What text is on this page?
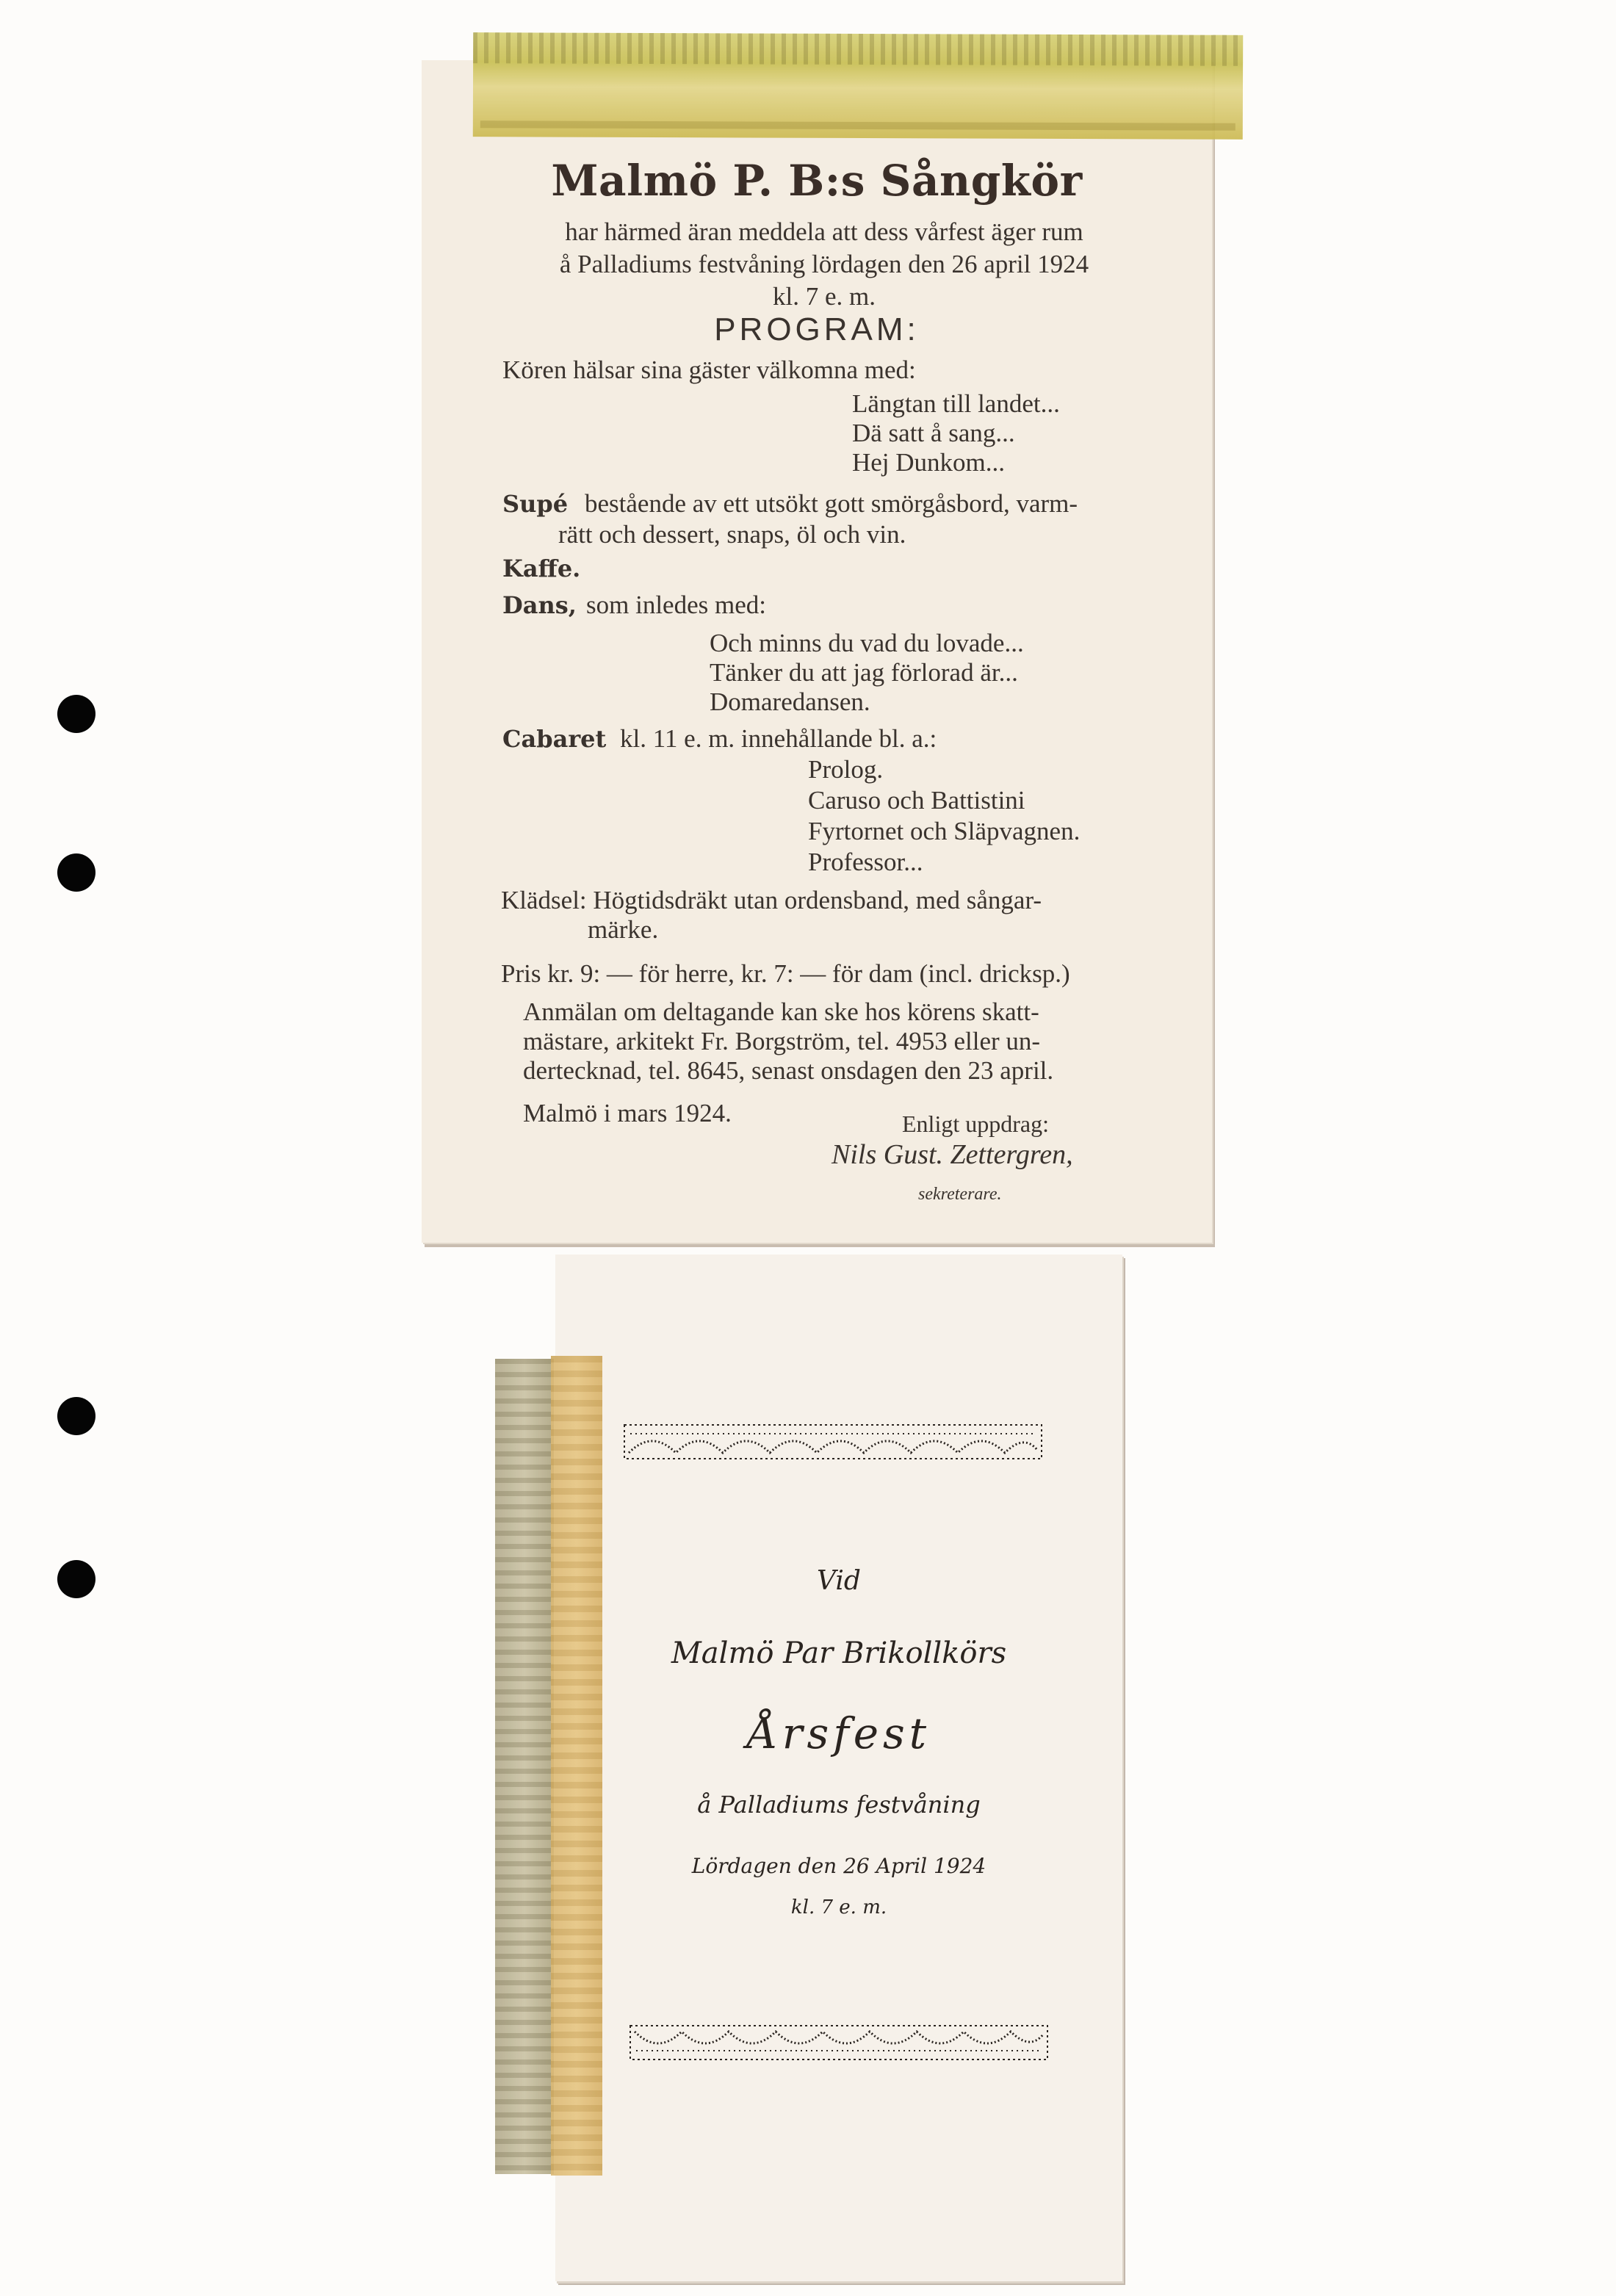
Malmö P. B:s Sångkör
har härmed äran meddela att dess vårfest äger rum
å Palladiums festvåning lördagen den 26 april 1924
kl. 7 e. m.
PROGRAM:
Kören hälsar sina gäster välkomna med:
Längtan till landet...
Dä satt å sang...
Hej Dunkom...
Supé bestående av ett utsökt gott smörgåsbord, varm-
rätt och dessert, snaps, öl och vin.
Kaffe.
Dans, som inledes med:
Och minns du vad du lovade...
Tänker du att jag förlorad är...
Domaredansen.
Cabaret kl. 11 e. m. innehållande bl. a.:
Prolog.
Caruso och Battistini
Fyrtornet och Släpvagnen.
Professor...
Klädsel: Högtidsdräkt utan ordensband, med sångar-
märke.
Pris kr. 9: — för herre, kr. 7: — för dam (incl. dricksp.)
Anmälan om deltagande kan ske hos körens skatt-
mästare, arkitekt Fr. Borgström, tel. 4953 eller un-
dertecknad, tel. 8645, senast onsdagen den 23 april.
Malmö i mars 1924.	Enligt uppdrag:
Nils Gust. Zettergren,
sekreterare.
Vid
Malmö Par Brikollkörs
Årsfest
å Palladiums festvåning
Lördagen den 26 April 1924
kl. 7 e. m.
